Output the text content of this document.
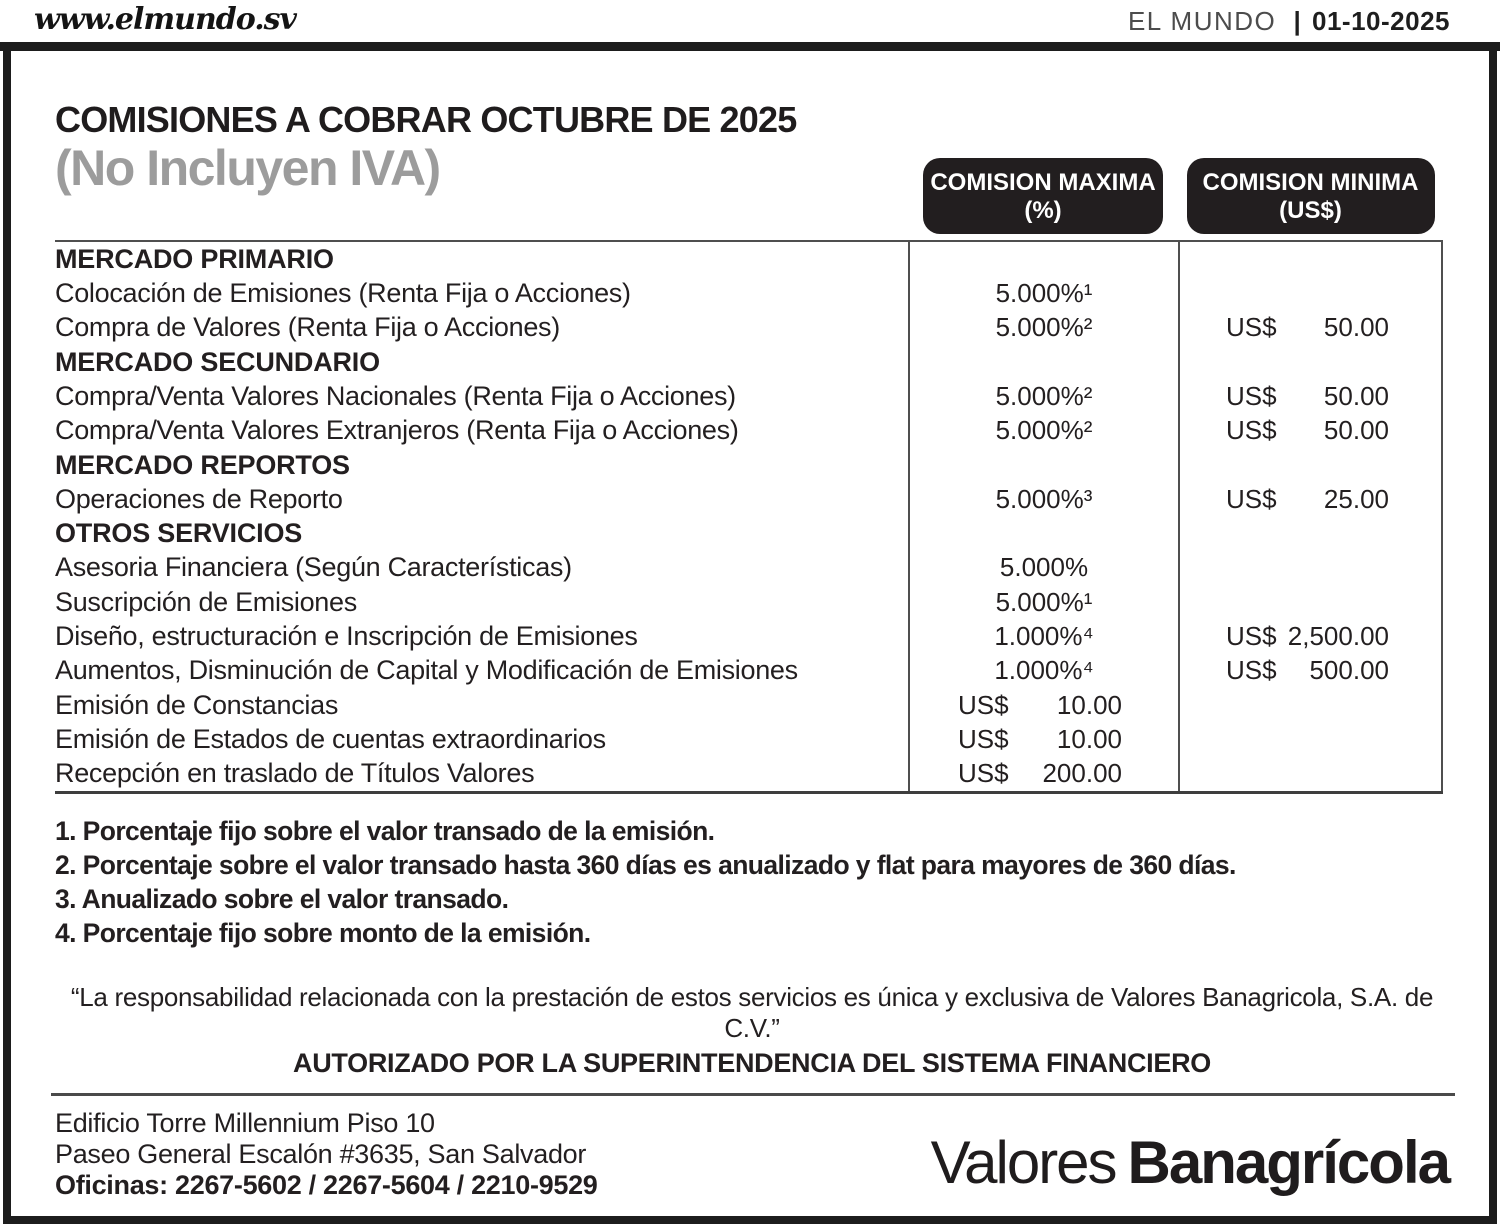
www.elmundo.sv	EL MUNDO | 01-10-2025
COMISIONES A COBRAR OCTUBRE DE 2025
(No Incluyen IVA)	COMISION MAXIMA (%)
COMISION MINIMA (US$)
MERCADO PRIMARIO
Colocación de Emisiones (Renta Fija o Acciones)	5.000%¹
Compra de Valores (Renta Fija o Acciones)	5.000%²	US$ 50.00
MERCADO SECUNDARIO
Compra/Venta Valores Nacionales (Renta Fija o Acciones)	5.000%²	US$ 50.00
Compra/Venta Valores Extranjeros (Renta Fija o Acciones)	5.000%²	US$ 50.00
MERCADO REPORTOS
Operaciones de Reporto	5.000%³	US$ 25.00
OTROS SERVICIOS
Asesoria Financiera (Según Características)	5.000%
Suscripción de Emisiones	5.000%¹
Diseño, estructuración e Inscripción de Emisiones	1.000%⁴	US$ 2,500.00
Aumentos, Disminución de Capital y Modificación de Emisiones	1.000%⁴	US$ 500.00
Emisión de Constancias	US$ 10.00
Emisión de Estados de cuentas extraordinarios	US$ 10.00
Recepción en traslado de Títulos Valores	US$ 200.00
1. Porcentaje fijo sobre el valor transado de la emisión.
2. Porcentaje sobre el valor transado hasta 360 días es anualizado y flat para mayores de 360 días.
3. Anualizado sobre el valor transado.
4. Porcentaje fijo sobre monto de la emisión.
“La responsabilidad relacionada con la prestación de estos servicios es única y exclusiva de Valores Banagricola, S.A. de C.V.”
AUTORIZADO POR LA SUPERINTENDENCIA DEL SISTEMA FINANCIERO
Edificio Torre Millennium Piso 10
Paseo General Escalón #3635, San Salvador
Oficinas: 2267-5602 / 2267-5604 / 2210-9529	Valores Banagrícola
